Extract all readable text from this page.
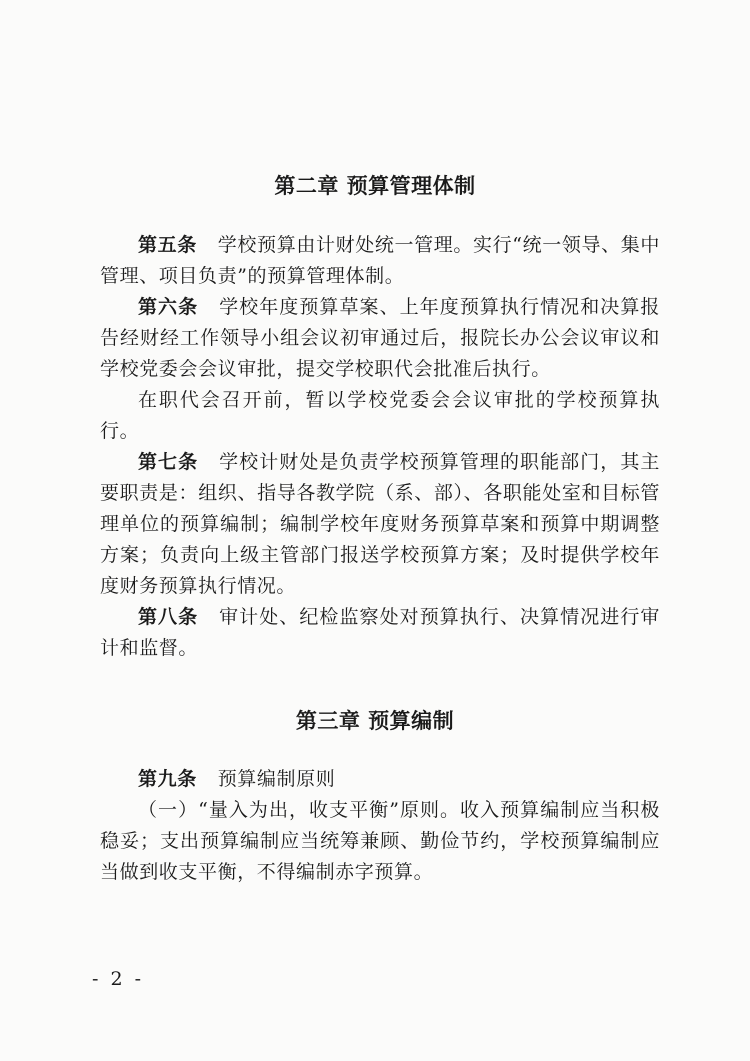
第二章 预算管理体制
第五条 学校预算由计财处统一管理。实行“统一领导、集中管理、项目负责”的预算管理体制。
第六条 学校年度预算草案、上年度预算执行情况和决算报告经财经工作领导小组会议初审通过后，报院长办公会议审议和学校党委会会议审批，提交学校职代会批准后执行。
在职代会召开前，暂以学校党委会会议审批的学校预算执行。
第七条 学校计财处是负责学校预算管理的职能部门，其主要职责是：组织、指导各教学院（系、部）、各职能处室和目标管理单位的预算编制；编制学校年度财务预算草案和预算中期调整方案；负责向上级主管部门报送学校预算方案；及时提供学校年度财务预算执行情况。
第八条 审计处、纪检监察处对预算执行、决算情况进行审计和监督。
第三章 预算编制
第九条 预算编制原则
（一）“量入为出，收支平衡”原则。收入预算编制应当积极稳妥；支出预算编制应当统筹兼顾、勤俭节约，学校预算编制应当做到收支平衡，不得编制赤字预算。
- 2 -
